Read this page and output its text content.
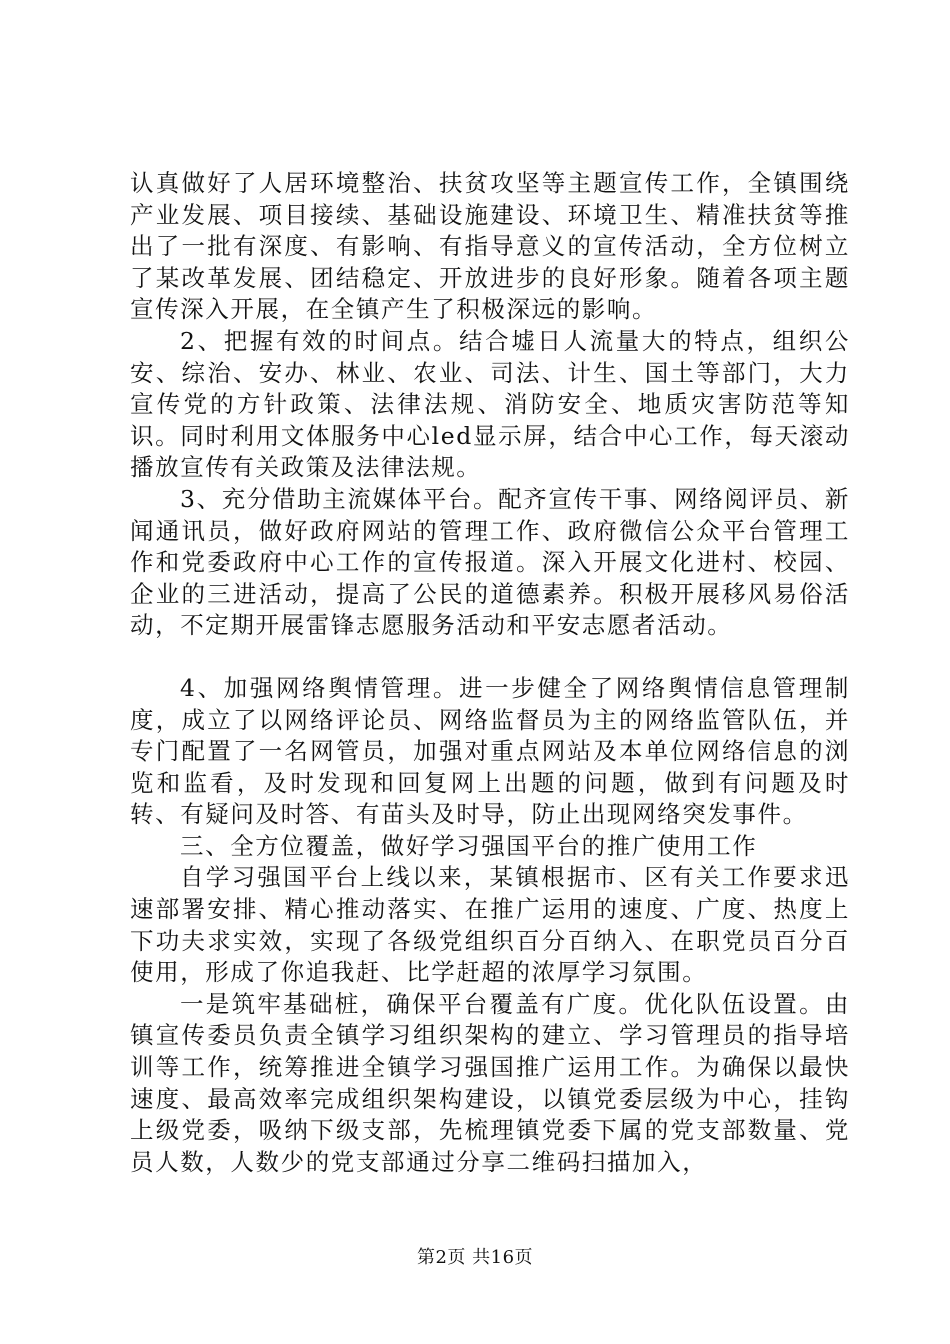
认真做好了人居环境整治、扶贫攻坚等主题宣传工作，全镇围绕产业发展、项目接续、基础设施建设、环境卫生、精准扶贫等推出了一批有深度、有影响、有指导意义的宣传活动，全方位树立了某改革发展、团结稳定、开放进步的良好形象。随着各项主题宣传深入开展，在全镇产生了积极深远的影响。

2、把握有效的时间点。结合墟日人流量大的特点，组织公安、综治、安办、林业、农业、司法、计生、国土等部门，大力宣传党的方针政策、法律法规、消防安全、地质灾害防范等知识。同时利用文体服务中心led显示屏，结合中心工作，每天滚动播放宣传有关政策及法律法规。

3、充分借助主流媒体平台。配齐宣传干事、网络阅评员、新闻通讯员，做好政府网站的管理工作、政府微信公众平台管理工作和党委政府中心工作的宣传报道。深入开展文化进村、校园、企业的三进活动，提高了公民的道德素养。积极开展移风易俗活动，不定期开展雷锋志愿服务活动和平安志愿者活动。

4、加强网络舆情管理。进一步健全了网络舆情信息管理制度，成立了以网络评论员、网络监督员为主的网络监管队伍，并专门配置了一名网管员，加强对重点网站及本单位网络信息的浏览和监看，及时发现和回复网上出题的问题，做到有问题及时转、有疑问及时答、有苗头及时导，防止出现网络突发事件。

三、全方位覆盖，做好学习强国平台的推广使用工作

自学习强国平台上线以来，某镇根据市、区有关工作要求迅速部署安排、精心推动落实、在推广运用的速度、广度、热度上下功夫求实效，实现了各级党组织百分百纳入、在职党员百分百使用，形成了你追我赶、比学赶超的浓厚学习氛围。

一是筑牢基础桩，确保平台覆盖有广度。优化队伍设置。由镇宣传委员负责全镇学习组织架构的建立、学习管理员的指导培训等工作，统筹推进全镇学习强国推广运用工作。为确保以最快速度、最高效率完成组织架构建设，以镇党委层级为中心，挂钩上级党委，吸纳下级支部，先梳理镇党委下属的党支部数量、党员人数，人数少的党支部通过分享二维码扫描加入，

第2页 共16页
